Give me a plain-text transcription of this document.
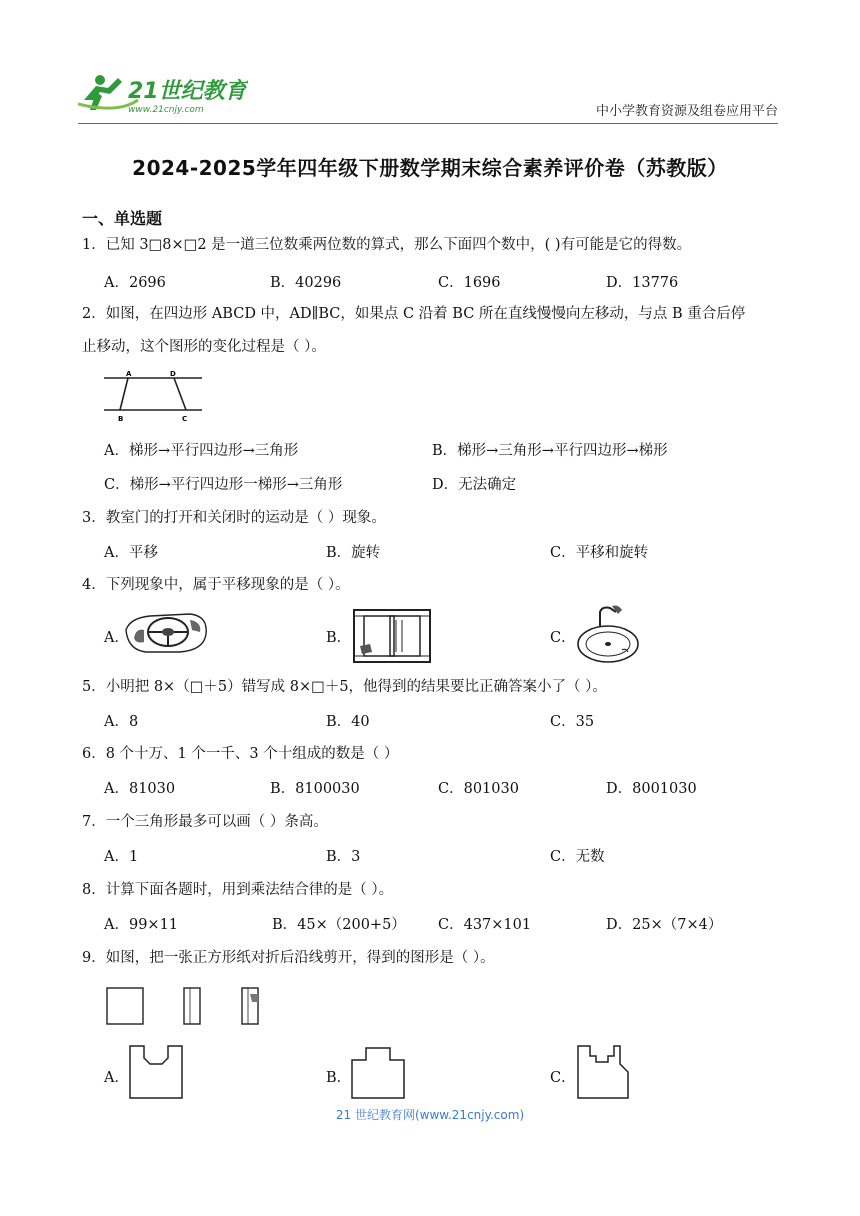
21世纪教育
www.21cnjy.com	中小学教育资源及组卷应用平台
2024-2025学年四年级下册数学期末综合素养评价卷（苏教版）
一、单选题
1．已知 3□8×□2 是一道三位数乘两位数的算式，那么下面四个数中，( )有可能是它的得数。
A．2696	B．40296	C．1696	D．13776
2．如图，在四边形 ABCD 中，AD∥BC，如果点 C 沿着 BC 所在直线慢慢向左移动，与点 B 重合后停
止移动，这个图形的变化过程是（ ）。
A	D
B	C
A．梯形→平行四边形→三角形	B．梯形→三角形→平行四边形→梯形
C．梯形→平行四边形一梯形→三角形	D．无法确定
3．教室门的打开和关闭时的运动是（ ）现象。
A．平移	B．旋转	C．平移和旋转
4．下列现象中，属于平移现象的是（ ）。
A．	B．	C．
5．小明把 8×（□＋5）错写成 8×□＋5，他得到的结果要比正确答案小了（ ）。
A．8	B．40	C．35
6．8 个十万、1 个一千、3 个十组成的数是（ ）
A．81030	B．8100030	C．801030	D．8001030
7．一个三角形最多可以画（ ）条高。
A．1	B．3	C．无数
8．计算下面各题时，用到乘法结合律的是（ ）。
A．99×11	B．45×（200+5） C．437×101	D．25×（7×4）
9．如图，把一张正方形纸对折后沿线剪开，得到的图形是（ ）。
A．	B．	C．
21 世纪教育网(www.21cnjy.com)
